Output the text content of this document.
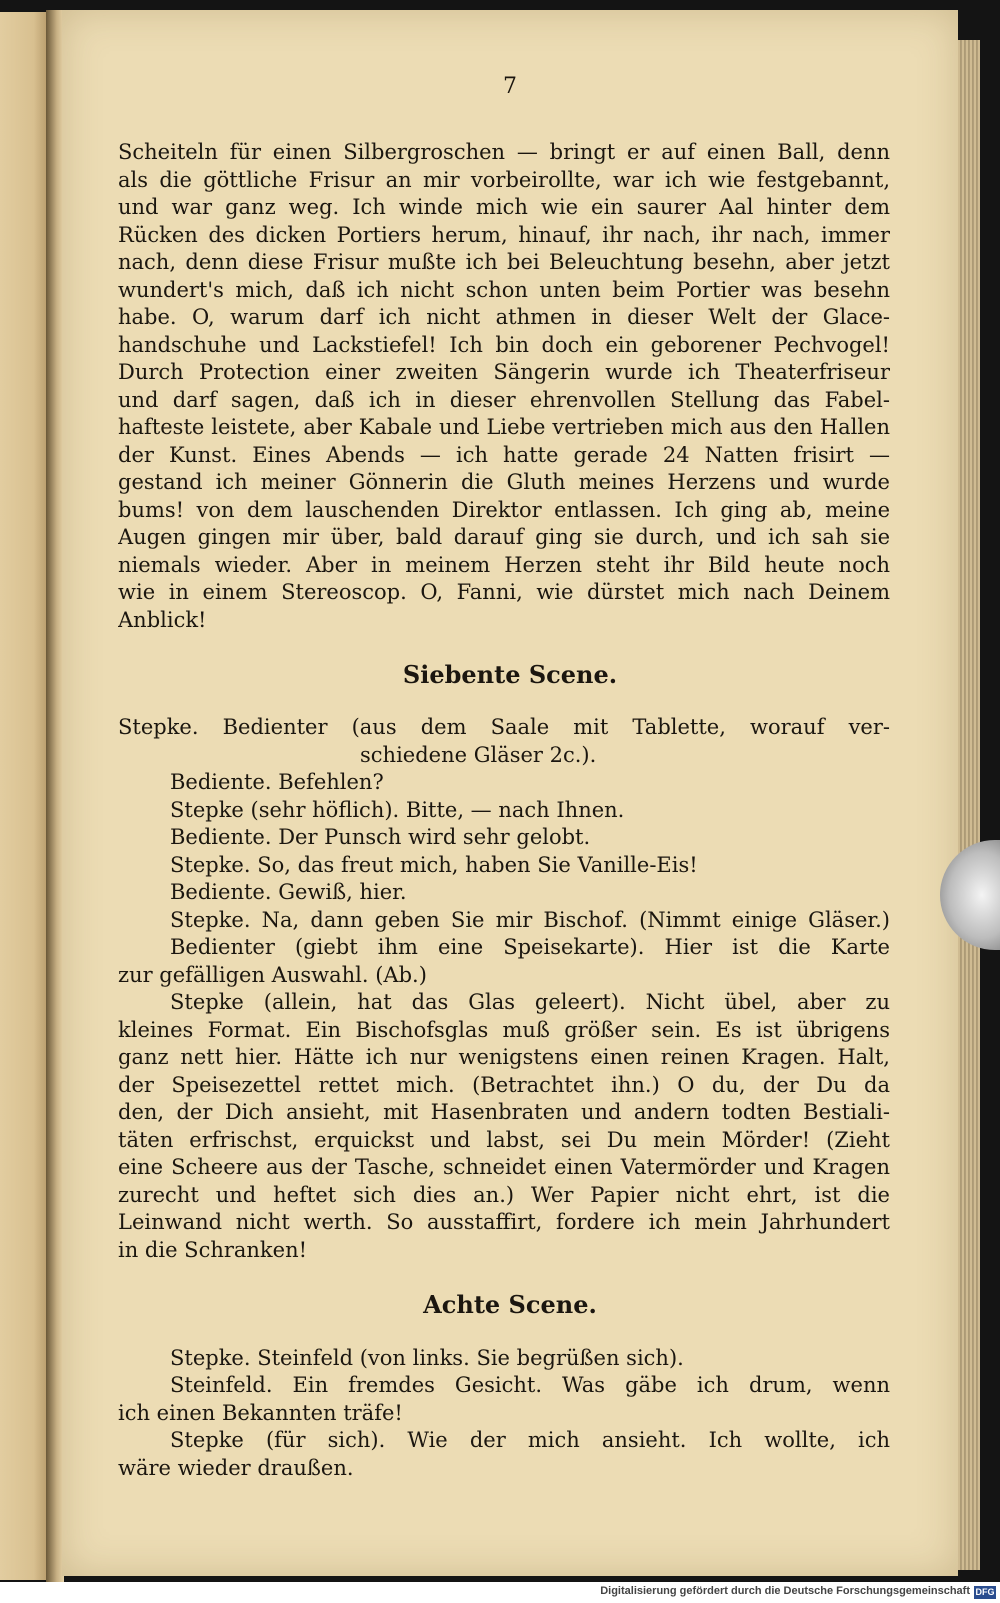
7
Scheiteln für einen Silbergroschen — bringt er auf einen Ball, denn
als die göttliche Frisur an mir vorbeirollte, war ich wie festgebannt,
und war ganz weg. Ich winde mich wie ein saurer Aal hinter dem
Rücken des dicken Portiers herum, hinauf, ihr nach, ihr nach, immer
nach, denn diese Frisur mußte ich bei Beleuchtung besehn, aber jetzt
wundert's mich, daß ich nicht schon unten beim Portier was besehn
habe. O, warum darf ich nicht athmen in dieser Welt der Glace-
handschuhe und Lackstiefel! Ich bin doch ein geborener Pechvogel!
Durch Protection einer zweiten Sängerin wurde ich Theaterfriseur
und darf sagen, daß ich in dieser ehrenvollen Stellung das Fabel-
hafteste leistete, aber Kabale und Liebe vertrieben mich aus den Hallen
der Kunst. Eines Abends — ich hatte gerade 24 Natten frisirt —
gestand ich meiner Gönnerin die Gluth meines Herzens und wurde
bums! von dem lauschenden Direktor entlassen. Ich ging ab, meine
Augen gingen mir über, bald darauf ging sie durch, und ich sah sie
niemals wieder. Aber in meinem Herzen steht ihr Bild heute noch
wie in einem Stereoscop. O, Fanni, wie dürstet mich nach Deinem
Anblick!
Siebente Scene.
Stepke. Bedienter (aus dem Saale mit Tablette, worauf ver-
schiedene Gläser 2c.).
Bediente. Befehlen?
Stepke (sehr höflich). Bitte, — nach Ihnen.
Bediente. Der Punsch wird sehr gelobt.
Stepke. So, das freut mich, haben Sie Vanille-Eis!
Bediente. Gewiß, hier.
Stepke. Na, dann geben Sie mir Bischof. (Nimmt einige Gläser.)
Bedienter (giebt ihm eine Speisekarte). Hier ist die Karte
zur gefälligen Auswahl. (Ab.)
Stepke (allein, hat das Glas geleert). Nicht übel, aber zu
kleines Format. Ein Bischofsglas muß größer sein. Es ist übrigens
ganz nett hier. Hätte ich nur wenigstens einen reinen Kragen. Halt,
der Speisezettel rettet mich. (Betrachtet ihn.) O du, der Du da
den, der Dich ansieht, mit Hasenbraten und andern todten Bestiali-
täten erfrischst, erquickst und labst, sei Du mein Mörder! (Zieht
eine Scheere aus der Tasche, schneidet einen Vatermörder und Kragen
zurecht und heftet sich dies an.) Wer Papier nicht ehrt, ist die
Leinwand nicht werth. So ausstaffirt, fordere ich mein Jahrhundert
in die Schranken!
Achte Scene.
Stepke. Steinfeld (von links. Sie begrüßen sich).
Steinfeld. Ein fremdes Gesicht. Was gäbe ich drum, wenn
ich einen Bekannten träfe!
Stepke (für sich). Wie der mich ansieht. Ich wollte, ich
wäre wieder draußen.
Digitalisierung gefördert durch die Deutsche Forschungsgemeinschaft DFG
